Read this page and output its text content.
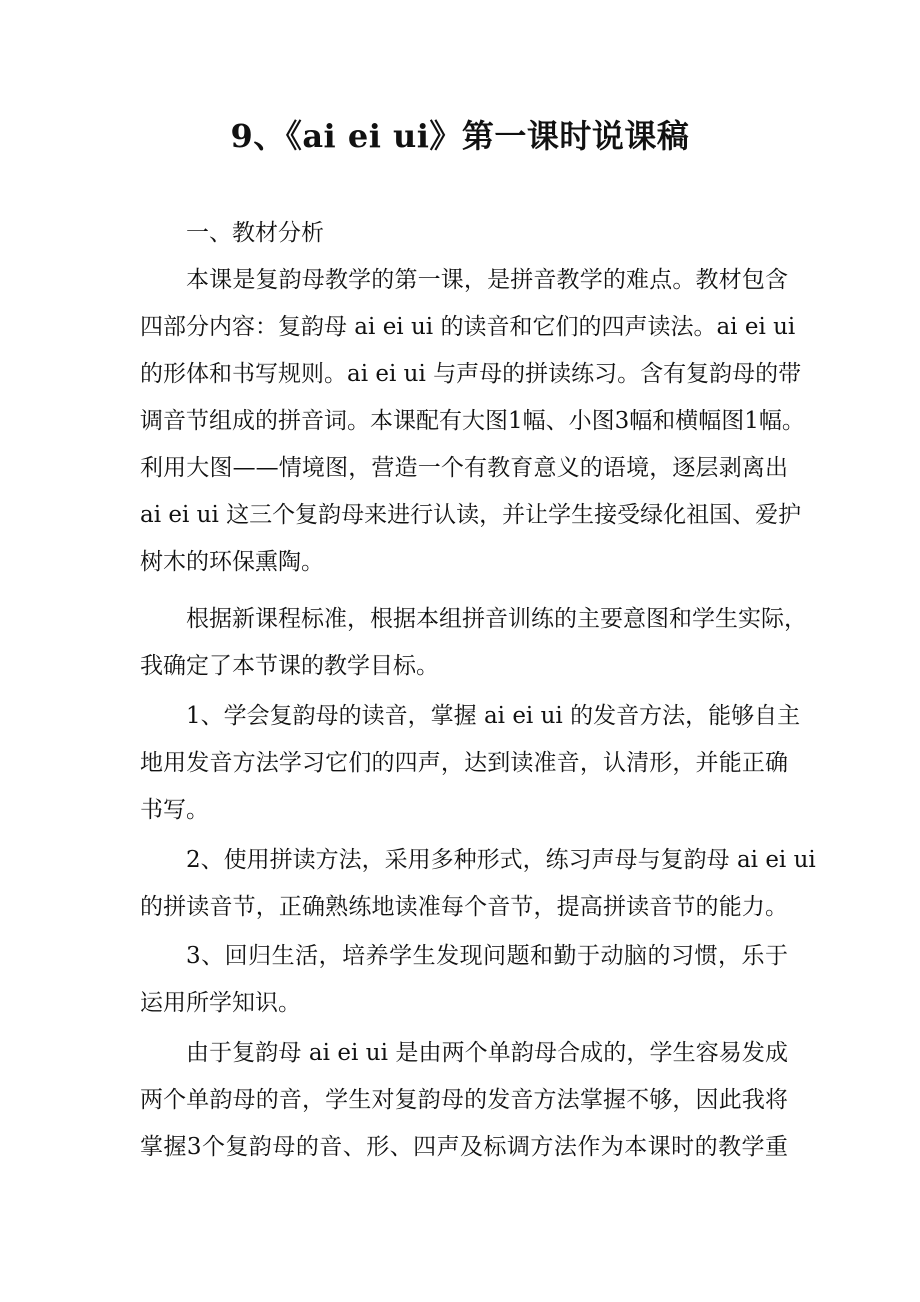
9、《ai ei ui》第一课时说课稿
一、教材分析
本课是复韵母教学的第一课，是拼音教学的难点。教材包含
四部分内容：复韵母 ai ei ui 的读音和它们的四声读法。ai ei ui
的形体和书写规则。ai ei ui 与声母的拼读练习。含有复韵母的带
调音节组成的拼音词。本课配有大图1幅、小图3幅和横幅图1幅。
利用大图——情境图，营造一个有教育意义的语境，逐层剥离出
ai ei ui 这三个复韵母来进行认读，并让学生接受绿化祖国、爱护
树木的环保熏陶。
根据新课程标准，根据本组拼音训练的主要意图和学生实际，
我确定了本节课的教学目标。
1、学会复韵母的读音，掌握 ai ei ui 的发音方法，能够自主
地用发音方法学习它们的四声，达到读准音，认清形，并能正确
书写。
2、使用拼读方法，采用多种形式，练习声母与复韵母 ai ei ui
的拼读音节，正确熟练地读准每个音节，提高拼读音节的能力。
3、回归生活，培养学生发现问题和勤于动脑的习惯，乐于
运用所学知识。
由于复韵母 ai ei ui 是由两个单韵母合成的，学生容易发成
两个单韵母的音，学生对复韵母的发音方法掌握不够，因此我将
掌握3个复韵母的音、形、四声及标调方法作为本课时的教学重
